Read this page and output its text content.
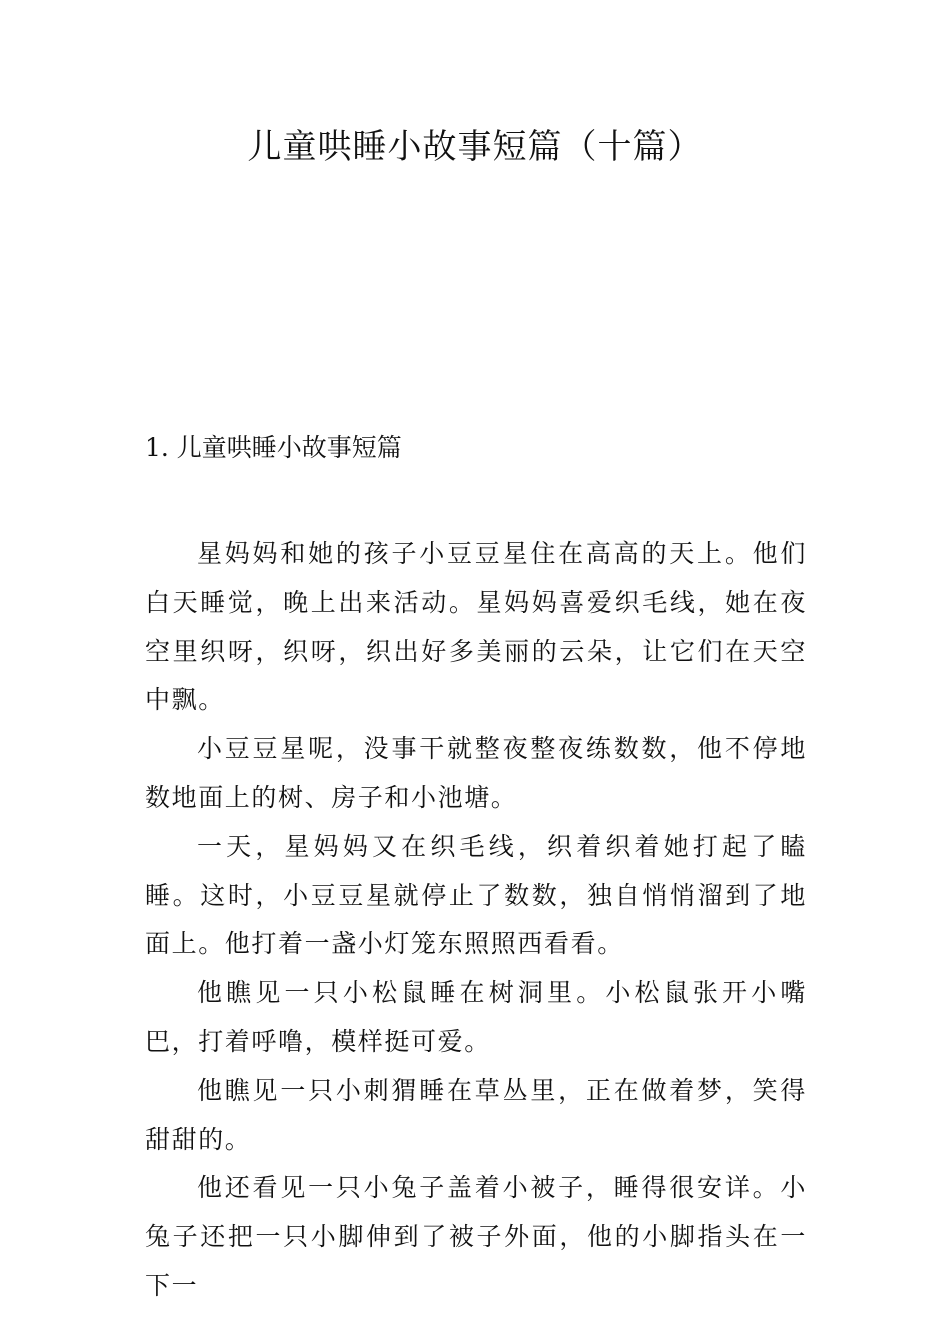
儿童哄睡小故事短篇（十篇）
1. 儿童哄睡小故事短篇

星妈妈和她的孩子小豆豆星住在高高的天上。他们白天睡觉，晚上出来活动。星妈妈喜爱织毛线，她在夜空里织呀，织呀，织出好多美丽的云朵，让它们在天空中飘。

小豆豆星呢，没事干就整夜整夜练数数，他不停地数地面上的树、房子和小池塘。

一天，星妈妈又在织毛线，织着织着她打起了瞌睡。这时，小豆豆星就停止了数数，独自悄悄溜到了地面上。他打着一盏小灯笼东照照西看看。

他瞧见一只小松鼠睡在树洞里。小松鼠张开小嘴巴，打着呼噜，模样挺可爱。

他瞧见一只小刺猬睡在草丛里，正在做着梦，笑得甜甜的。

他还看见一只小兔子盖着小被子，睡得很安详。小兔子还把一只小脚伸到了被子外面，他的小脚指头在一下一
